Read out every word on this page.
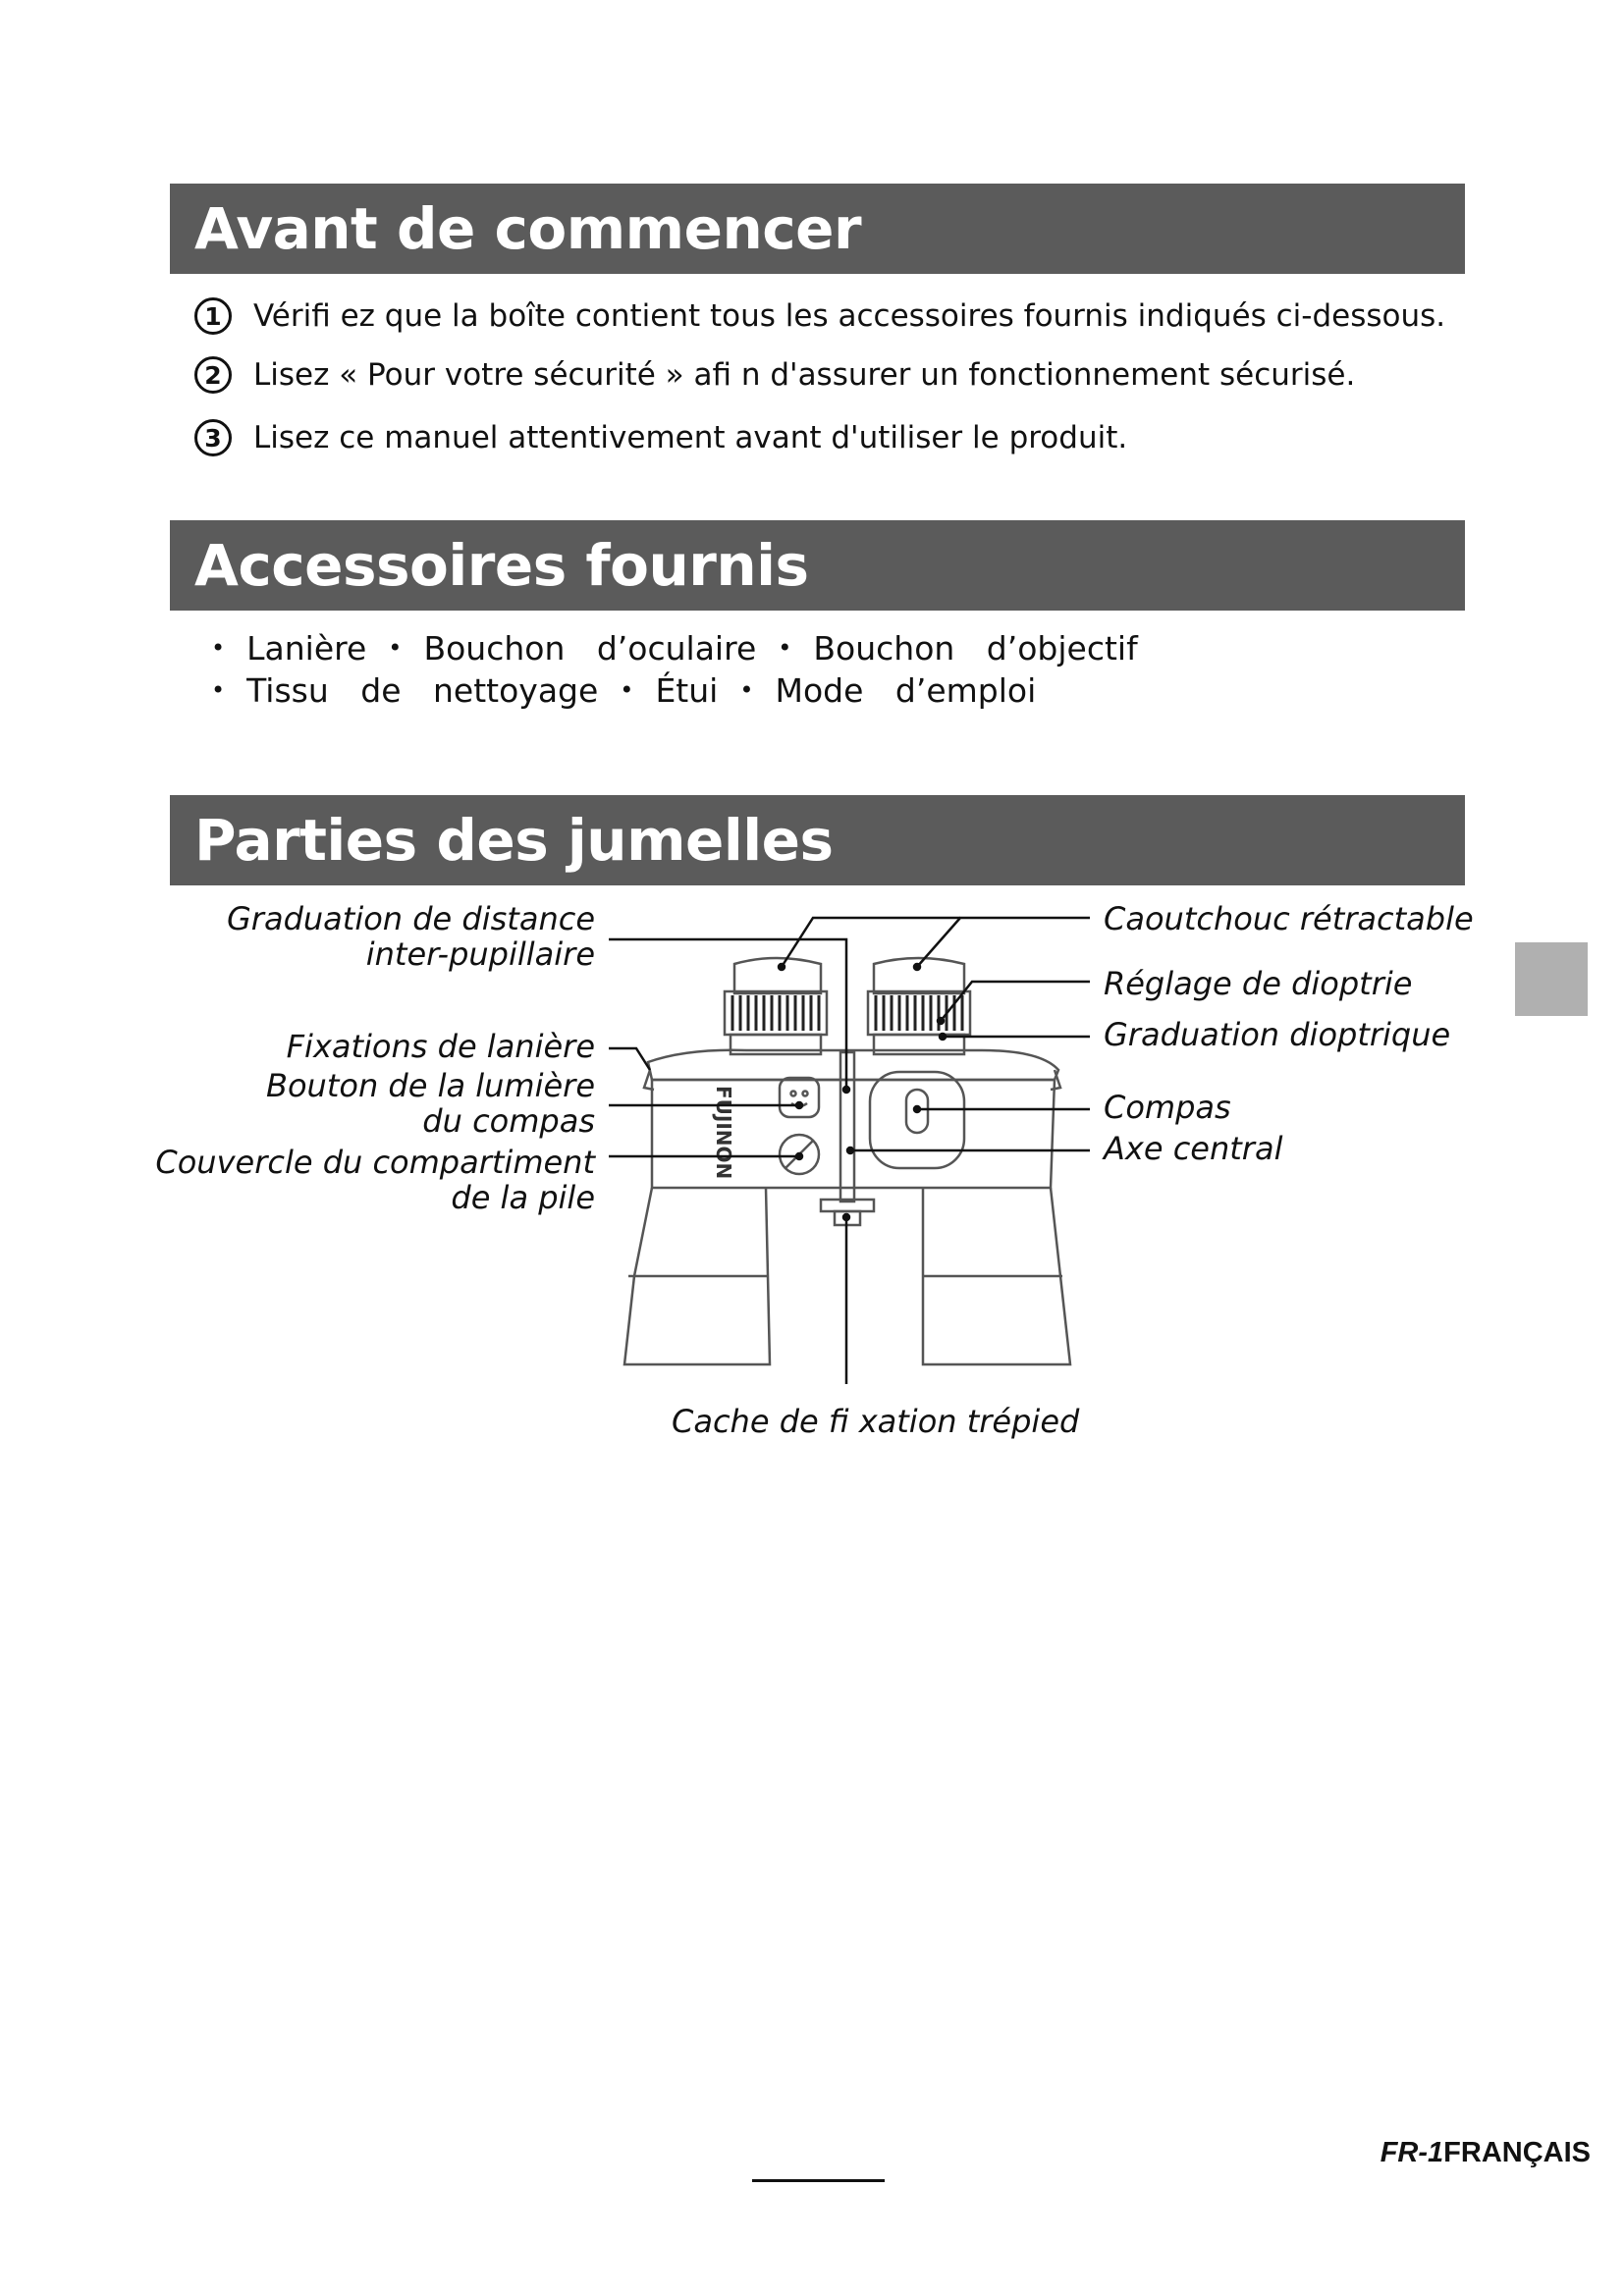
Avant de commencer
1	Vérifi ez que la boîte contient tous les accessoires fournis indiqués ci-dessous.
2	Lisez « Pour votre sécurité » afi n d'assurer un fonctionnement sécurisé.
3	Lisez ce manuel attentivement avant d'utiliser le produit.
Accessoires fournis
• Lanière • Bouchon d’oculaire • Bouchon d’objectif
• Tissu de nettoyage • Étui • Mode d’emploi
Parties des jumelles
FUJINON
Graduation de distance
inter-pupillaire
Fixations de lanière
Bouton de la lumière
du compas
Couvercle du compartiment
de la pile
Caoutchouc rétractable
Réglage de dioptrie
Graduation dioptrique
Compas
Axe central
Cache de fi xation trépied
FR-1FRANÇAIS
